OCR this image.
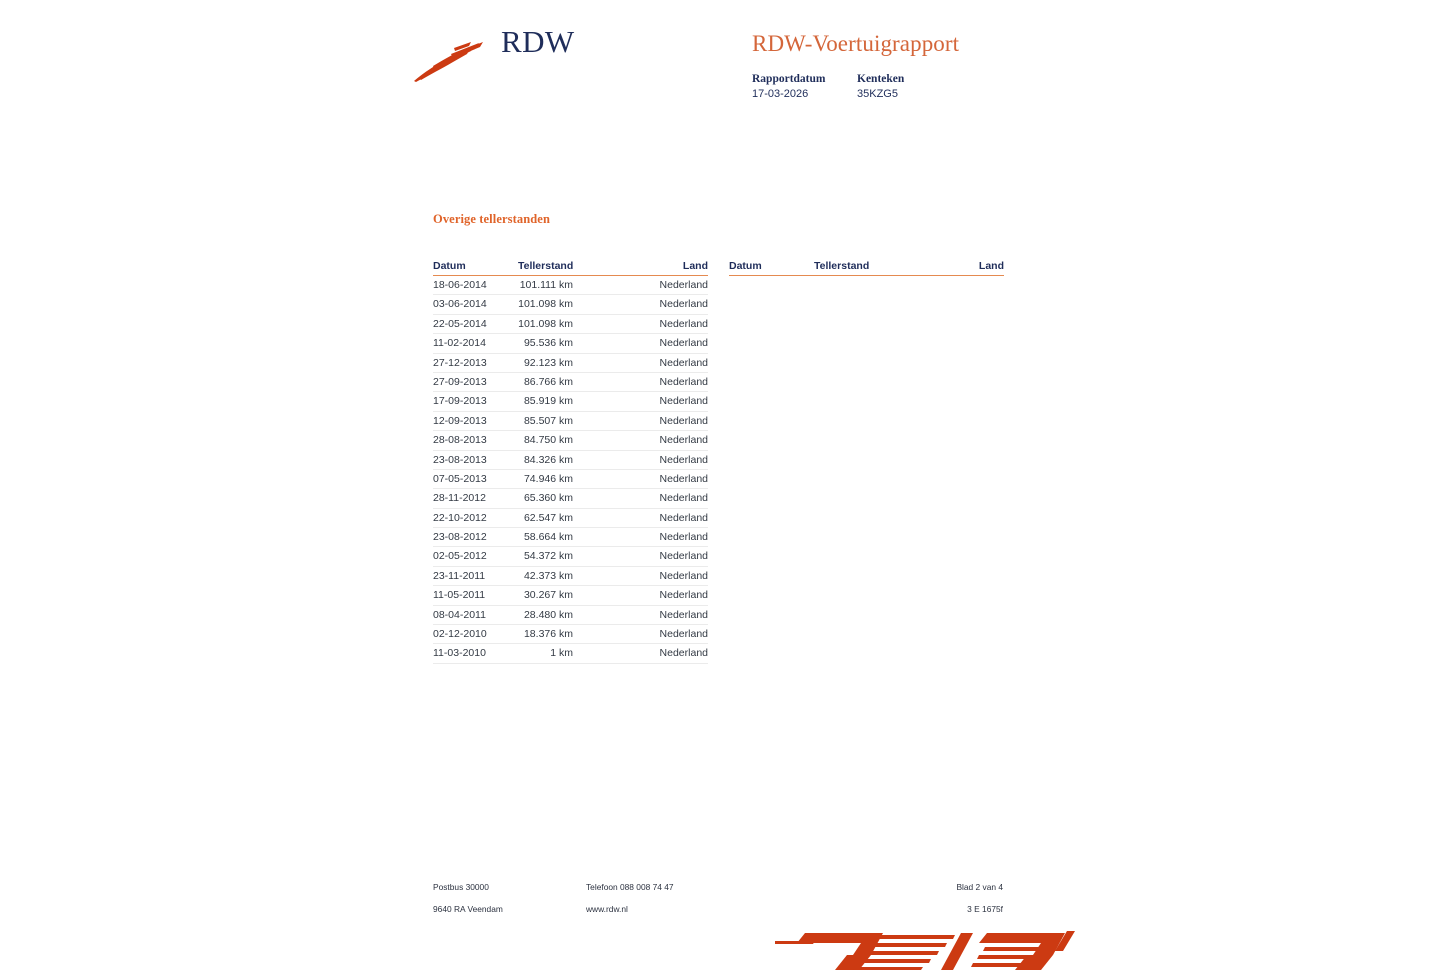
RDW	RDW-Voertuigrapport
Rapportdatum
17-03-2026
Kenteken
35KZG5
Overige tellerstanden
Datum	Tellerstand	Land
18-06-2014	101.111 km	Nederland
03-06-2014	101.098 km	Nederland
22-05-2014	101.098 km	Nederland
11-02-2014	95.536 km	Nederland
27-12-2013	92.123 km	Nederland
27-09-2013	86.766 km	Nederland
17-09-2013	85.919 km	Nederland
12-09-2013	85.507 km	Nederland
28-08-2013	84.750 km	Nederland
23-08-2013	84.326 km	Nederland
07-05-2013	74.946 km	Nederland
28-11-2012	65.360 km	Nederland
22-10-2012	62.547 km	Nederland
23-08-2012	58.664 km	Nederland
02-05-2012	54.372 km	Nederland
23-11-2011	42.373 km	Nederland
11-05-2011	30.267 km	Nederland
08-04-2011	28.480 km	Nederland
02-12-2010	18.376 km	Nederland
11-03-2010	1 km	Nederland
Datum	Tellerstand	Land
Postbus 30000
9640 RA Veendam
Telefoon 088 008 74 47
www.rdw.nl
Blad 2 van 4
3 E 1675f
